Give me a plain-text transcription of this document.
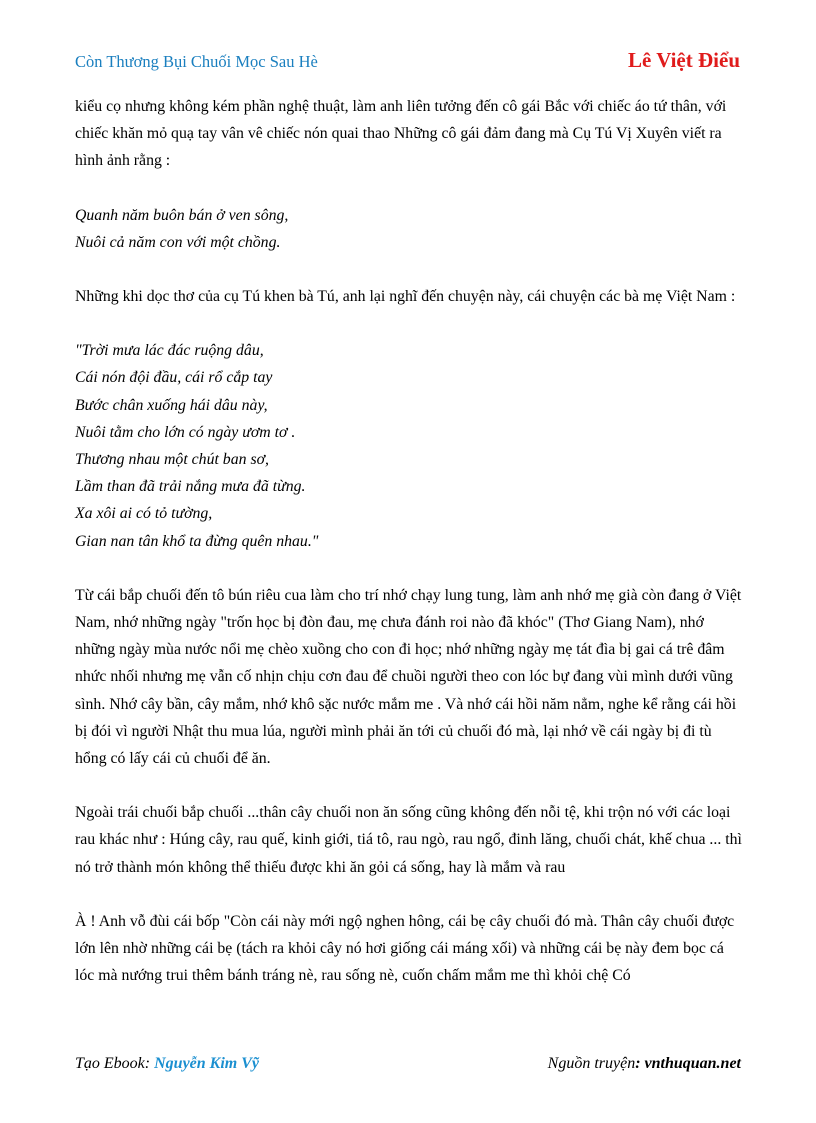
Còn Thương Bụi Chuối Mọc Sau Hè	Lê Việt Điểu

kiểu cọ nhưng không kém phần nghệ thuật, làm anh liên tưởng đến cô gái Bắc với chiếc áo tứ thân, với chiếc khăn mỏ quạ tay vân vê chiếc nón quai thao Những cô gái đảm đang mà Cụ Tú Vị Xuyên viết ra hình ảnh rằng :

Quanh năm buôn bán ở ven sông,
Nuôi cả năm con với một chồng.

Những khi dọc thơ của cụ Tú khen bà Tú, anh lại nghĩ đến chuyện này, cái chuyện các bà mẹ Việt Nam :

"Trời mưa lác đác ruộng dâu,
Cái nón đội đầu, cái rổ cắp tay
Bước chân xuống hái dâu này,
Nuôi tằm cho lớn có ngày ươm tơ .
Thương nhau một chút ban sơ,
Lầm than đã trải nắng mưa đã từng.
Xa xôi ai có tỏ tường,
Gian nan tân khổ ta đừng quên nhau."

Từ cái bắp chuối đến tô bún riêu cua làm cho trí nhớ chạy lung tung, làm anh nhớ mẹ già còn đang ở Việt Nam, nhớ những ngày "trốn học bị đòn đau, mẹ chưa đánh roi nào đã khóc" (Thơ Giang Nam), nhớ những ngày mùa nước nổi mẹ chèo xuồng cho con đi học; nhớ những ngày mẹ tát đìa bị gai cá trê đâm nhức nhối nhưng mẹ vẫn cố nhịn chịu cơn đau để chuồi người theo con lóc bự đang vùi mình dưới vũng sình. Nhớ cây bần, cây mắm, nhớ khô sặc nước mắm me . Và nhớ cái hồi năm nẳm, nghe kể rằng cái hồi bị đói vì người Nhật thu mua lúa, người mình phải ăn tới củ chuối đó mà, lại nhớ về cái ngày bị đi tù hổng có lấy cái củ chuối để ăn.

Ngoài trái chuối bắp chuối ...thân cây chuối non ăn sống cũng không đến nỗi tệ, khi trộn nó với các loại rau khác như : Húng cây, rau quế, kinh giới, tiá tô, rau ngò, rau ngổ, đinh lăng, chuối chát, khế chua ... thì nó trở thành món không thể thiếu được khi ăn gỏi cá sống, hay là mắm và rau

À ! Anh vỗ đùi cái bốp "Còn cái này mới ngộ nghen hông, cái bẹ cây chuối đó mà. Thân cây chuối được lớn lên nhờ những cái bẹ (tách ra khỏi cây nó hơi giống cái máng xối) và những cái bẹ này đem bọc cá lóc mà nướng trui thêm bánh tráng nè, rau sống nè, cuốn chấm mắm me thì khỏi chệ Có

Tạo Ebook: Nguyễn Kim Vỹ	Nguồn truyện: vnthuquan.net
